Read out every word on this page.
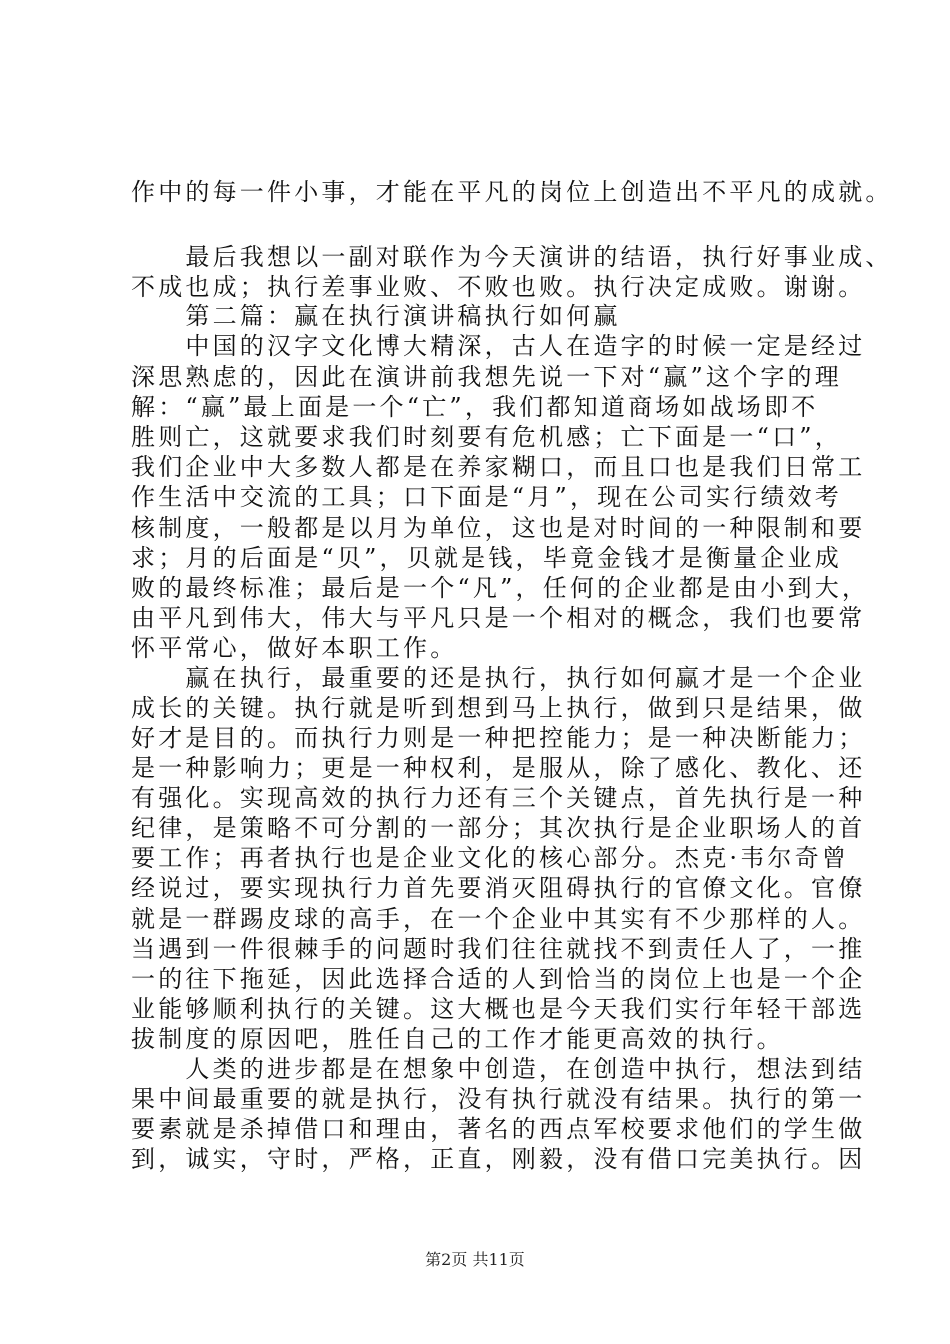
作中的每一件小事，才能在平凡的岗位上创造出不平凡的成就。
　　最后我想以一副对联作为今天演讲的结语，执行好事业成、
不成也成；执行差事业败、不败也败。执行决定成败。谢谢。
　　第二篇：赢在执行演讲稿执行如何赢
　　中国的汉字文化博大精深，古人在造字的时候一定是经过
深思熟虑的，因此在演讲前我想先说一下对“赢”这个字的理
解：“赢”最上面是一个“亡”，我们都知道商场如战场即不
胜则亡，这就要求我们时刻要有危机感；亡下面是一“口”，
我们企业中大多数人都是在养家糊口，而且口也是我们日常工
作生活中交流的工具；口下面是“月”，现在公司实行绩效考
核制度，一般都是以月为单位，这也是对时间的一种限制和要
求；月的后面是“贝”，贝就是钱，毕竟金钱才是衡量企业成
败的最终标准；最后是一个“凡”，任何的企业都是由小到大，
由平凡到伟大，伟大与平凡只是一个相对的概念，我们也要常
怀平常心，做好本职工作。
　　赢在执行，最重要的还是执行，执行如何赢才是一个企业
成长的关键。执行就是听到想到马上执行，做到只是结果，做
好才是目的。而执行力则是一种把控能力；是一种决断能力；
是一种影响力；更是一种权利，是服从，除了感化、教化、还
有强化。实现高效的执行力还有三个关键点，首先执行是一种
纪律，是策略不可分割的一部分；其次执行是企业职场人的首
要工作；再者执行也是企业文化的核心部分。杰克·韦尔奇曾
经说过，要实现执行力首先要消灭阻碍执行的官僚文化。官僚
就是一群踢皮球的高手，在一个企业中其实有不少那样的人。
当遇到一件很棘手的问题时我们往往就找不到责任人了，一推
一的往下拖延，因此选择合适的人到恰当的岗位上也是一个企
业能够顺利执行的关键。这大概也是今天我们实行年轻干部选
拔制度的原因吧，胜任自己的工作才能更高效的执行。
　　人类的进步都是在想象中创造，在创造中执行，想法到结
果中间最重要的就是执行，没有执行就没有结果。执行的第一
要素就是杀掉借口和理由，著名的西点军校要求他们的学生做
到，诚实，守时，严格，正直，刚毅，没有借口完美执行。因
第2页 共11页
